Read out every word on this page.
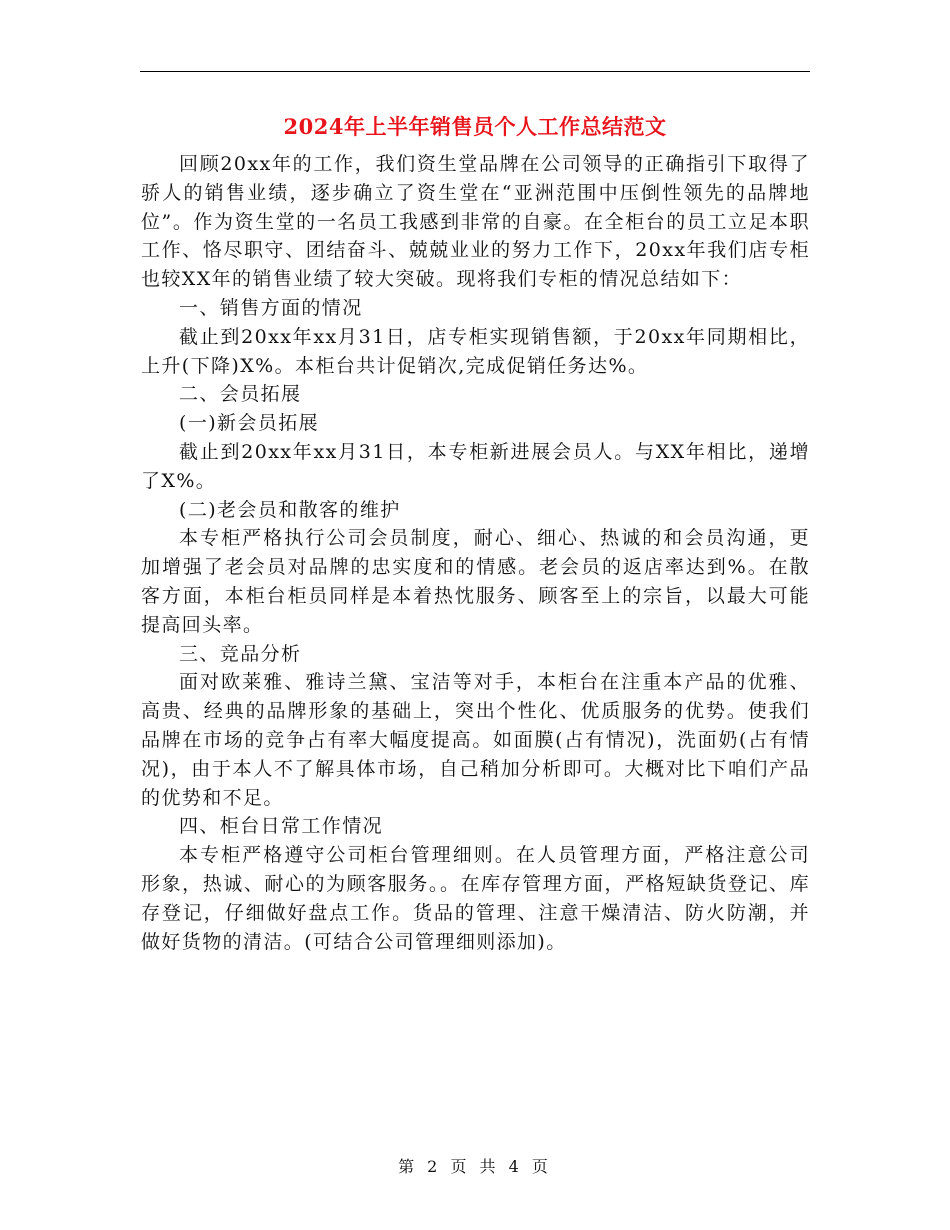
2024年上半年销售员个人工作总结范文

回顾20xx年的工作，我们资生堂品牌在公司领导的正确指引下取得了骄人的销售业绩，逐步确立了资生堂在“亚洲范围中压倒性领先的品牌地位”。作为资生堂的一名员工我感到非常的自豪。在全柜台的员工立足本职工作、恪尽职守、团结奋斗、兢兢业业的努力工作下，20xx年我们店专柜也较XX年的销售业绩了较大突破。现将我们专柜的情况总结如下：

一、销售方面的情况

截止到20xx年xx月31日，店专柜实现销售额，于20xx年同期相比，上升(下降)X%。本柜台共计促销次,完成促销任务达%。

二、会员拓展

(一)新会员拓展

截止到20xx年xx月31日，本专柜新进展会员人。与XX年相比，递增了X%。

(二)老会员和散客的维护

本专柜严格执行公司会员制度，耐心、细心、热诚的和会员沟通，更加增强了老会员对品牌的忠实度和的情感。老会员的返店率达到%。在散客方面，本柜台柜员同样是本着热忱服务、顾客至上的宗旨，以最大可能提高回头率。

三、竞品分析

面对欧莱雅、雅诗兰黛、宝洁等对手，本柜台在注重本产品的优雅、高贵、经典的品牌形象的基础上，突出个性化、优质服务的优势。使我们品牌在市场的竞争占有率大幅度提高。如面膜(占有情况)，洗面奶(占有情况)，由于本人不了解具体市场，自己稍加分析即可。大概对比下咱们产品的优势和不足。

四、柜台日常工作情况

本专柜严格遵守公司柜台管理细则。在人员管理方面，严格注意公司形象，热诚、耐心的为顾客服务。。在库存管理方面，严格短缺货登记、库存登记，仔细做好盘点工作。货品的管理、注意干燥清洁、防火防潮，并做好货物的清洁。(可结合公司管理细则添加)。

第 2 页 共 4 页
